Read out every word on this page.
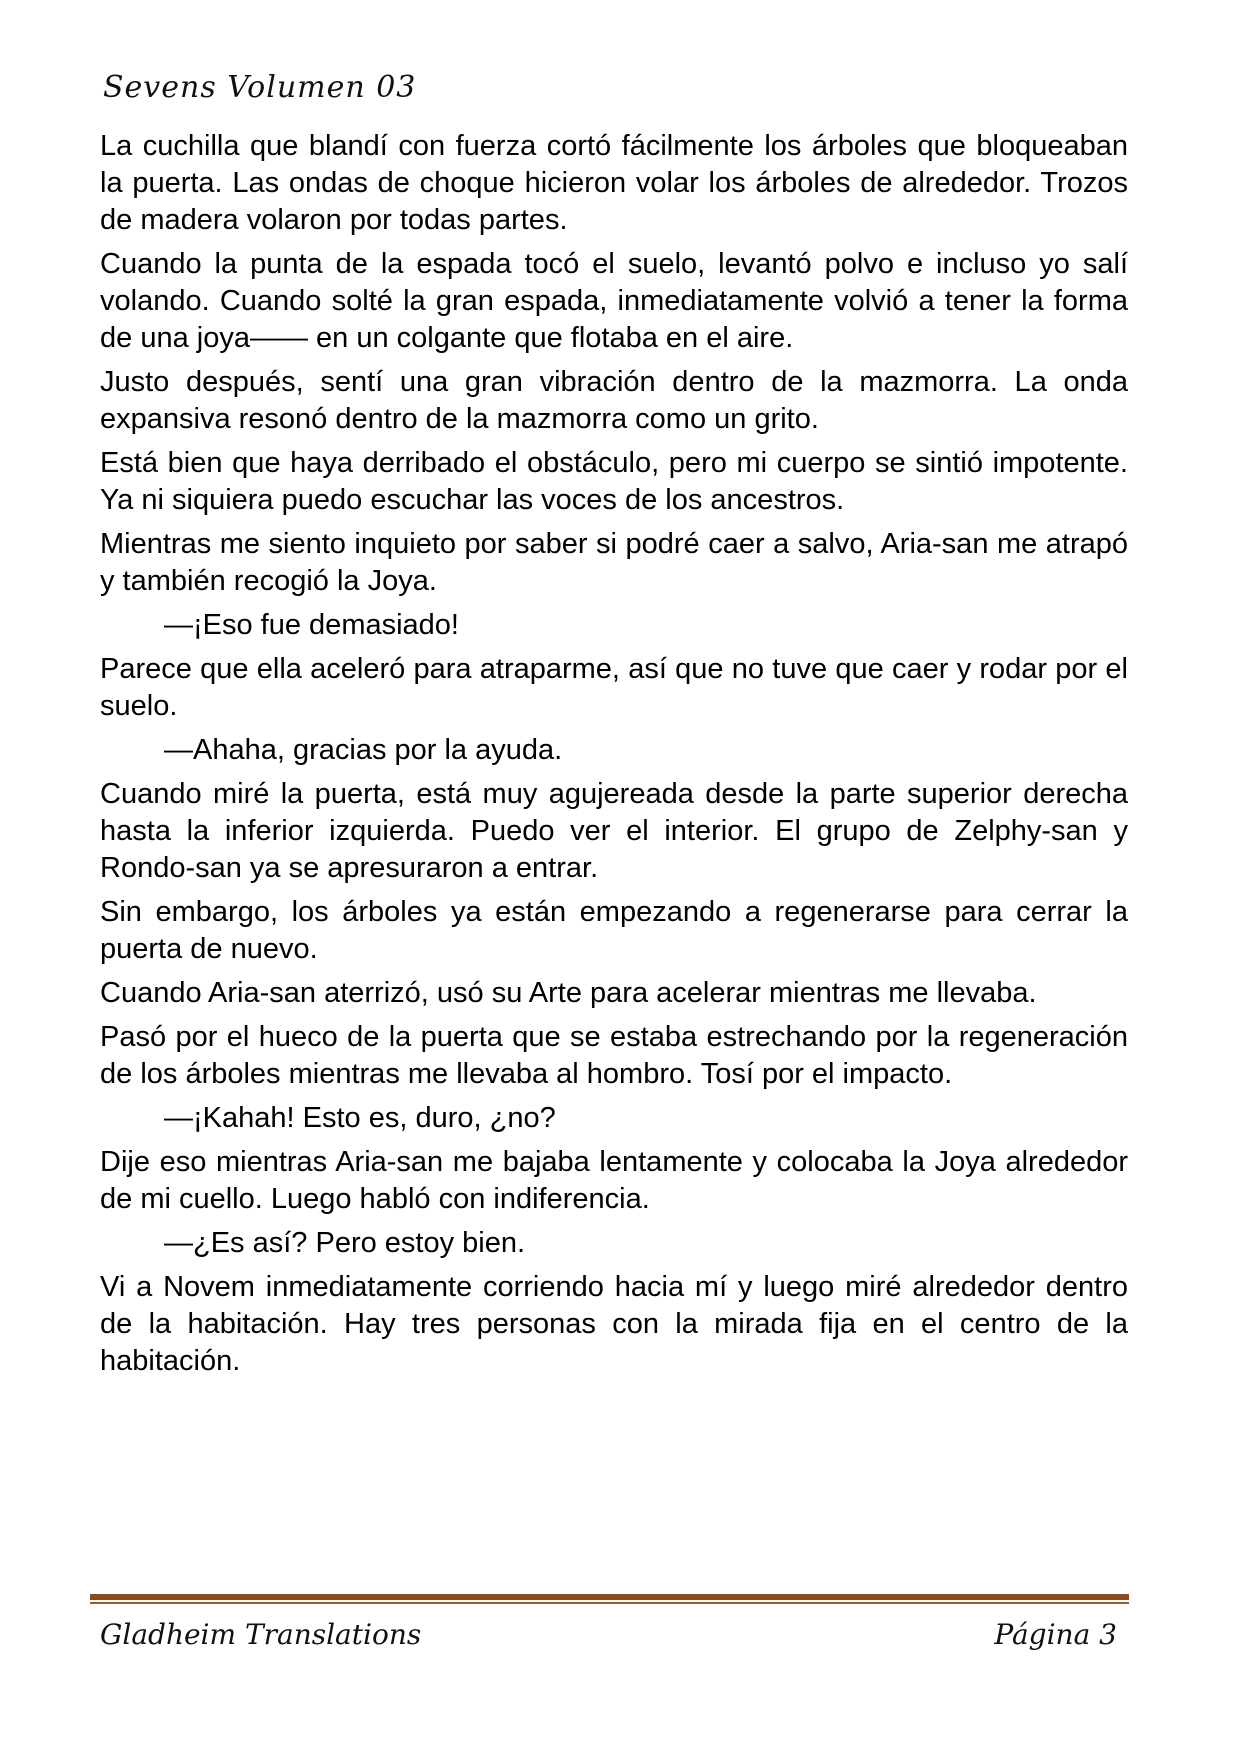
Sevens Volumen 03

La cuchilla que blandí con fuerza cortó fácilmente los árboles que bloqueaban la puerta. Las ondas de choque hicieron volar los árboles de alrededor. Trozos de madera volaron por todas partes.

Cuando la punta de la espada tocó el suelo, levantó polvo e incluso yo salí volando. Cuando solté la gran espada, inmediatamente volvió a tener la forma de una joya—— en un colgante que flotaba en el aire.

Justo después, sentí una gran vibración dentro de la mazmorra. La onda expansiva resonó dentro de la mazmorra como un grito.

Está bien que haya derribado el obstáculo, pero mi cuerpo se sintió impotente. Ya ni siquiera puedo escuchar las voces de los ancestros.

Mientras me siento inquieto por saber si podré caer a salvo, Aria-san me atrapó y también recogió la Joya.

—¡Eso fue demasiado!

Parece que ella aceleró para atraparme, así que no tuve que caer y rodar por el suelo.

—Ahaha, gracias por la ayuda.

Cuando miré la puerta, está muy agujereada desde la parte superior derecha hasta la inferior izquierda. Puedo ver el interior. El grupo de Zelphy-san y Rondo-san ya se apresuraron a entrar.

Sin embargo, los árboles ya están empezando a regenerarse para cerrar la puerta de nuevo.

Cuando Aria-san aterrizó, usó su Arte para acelerar mientras me llevaba.

Pasó por el hueco de la puerta que se estaba estrechando por la regeneración de los árboles mientras me llevaba al hombro. Tosí por el impacto.

—¡Kahah! Esto es, duro, ¿no?

Dije eso mientras Aria-san me bajaba lentamente y colocaba la Joya alrededor de mi cuello. Luego habló con indiferencia.

—¿Es así? Pero estoy bien.

Vi a Novem inmediatamente corriendo hacia mí y luego miré alrededor dentro de la habitación. Hay tres personas con la mirada fija en el centro de la habitación.

Gladheim Translations	Página 3
